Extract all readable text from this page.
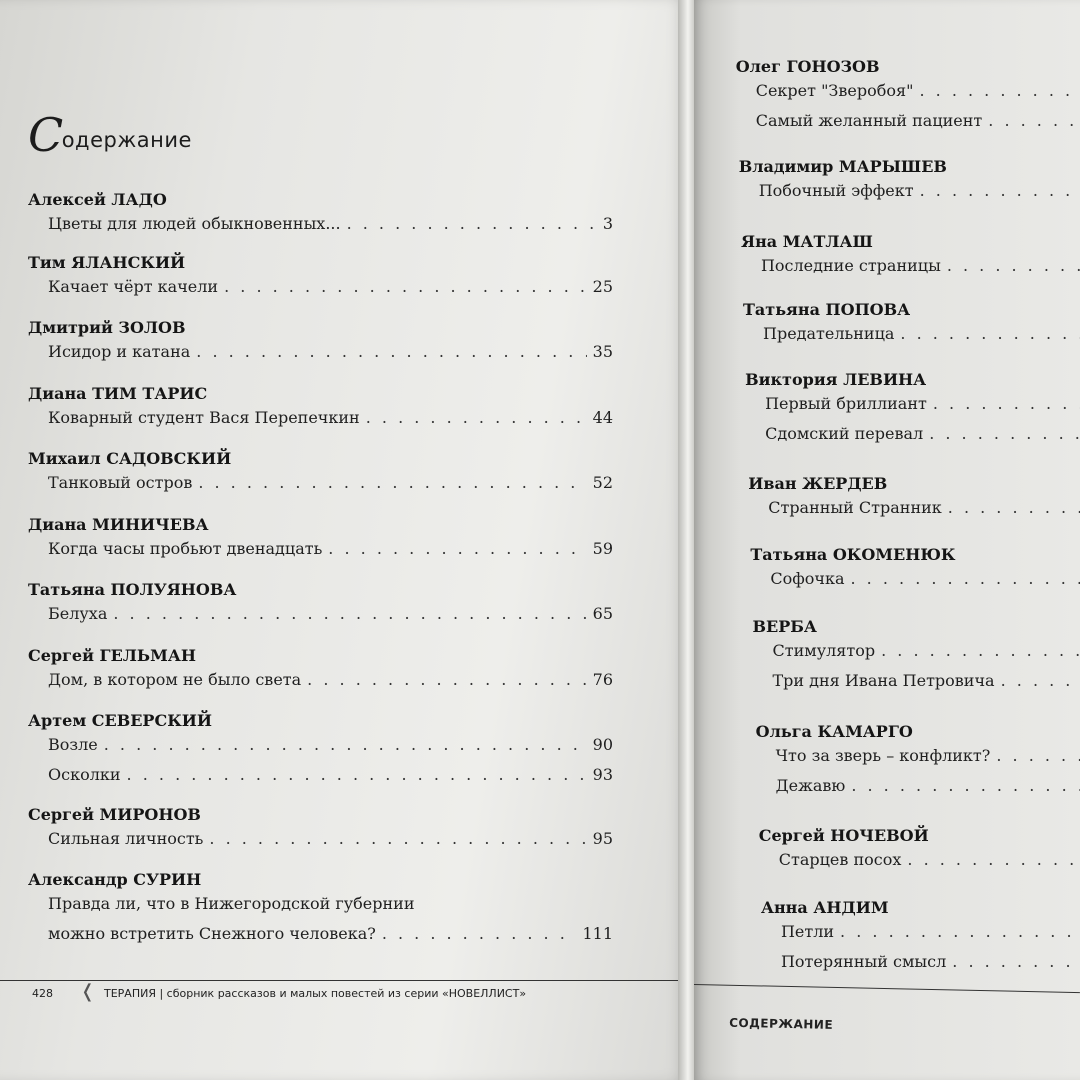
Содержание
Алексей ЛАДО
Цветы для людей обыкновенных... . . .	3
Тим ЯЛАНСКИЙ
Качает чёрт качели . . .	25
Дмитрий ЗОЛОВ
Исидор и катана . . .	35
Диана ТИМ ТАРИС
Коварный студент Вася Перепечкин . . .	44
Михаил САДОВСКИЙ
Танковый остров . . .	52
Диана МИНИЧЕВА
Когда часы пробьют двенадцать . . .	59
Татьяна ПОЛУЯНОВА
Белуха . . .	65
Сергей ГЕЛЬМАН
Дом, в котором не было света . . .	76
Артем СЕВЕРСКИЙ
Возле . . .	90
Осколки . . .	93
Сергей МИРОНОВ
Сильная личность . . .	95
Александр СУРИН
Правда ли, что в Нижегородской губернии
можно встретить Снежного человека? . . .	111
428 ❬ ТЕРАПИЯ | сборник рассказов и малых повестей из серии «НОВЕЛЛИСТ»
Олег ГОНОЗОВ
Секрет "Зверобоя"
. . .
Самый желанный пациент
. . .
Владимир МАРЫШЕВ
Побочный эффект
. . .
Яна МАТЛАШ
Последние страницы
. . .
Татьяна ПОПОВА
Предательница
. . .
Виктория ЛЕВИНА
Первый бриллиант
. . .
Сдомский перевал
. . .
Иван ЖЕРДЕВ
Странный Странник
. . .
Татьяна ОКОМЕНЮК
Софочка
. . .
ВЕРБА
Стимулятор
. . .
Три дня Ивана Петровича
. . .
Ольга КАМАРГО
Что за зверь – конфликт?
. . .
Дежавю
. . .
Сергей НОЧЕВОЙ
Старцев посох
. . .
Анна АНДИМ
Петли
. . .
Потерянный смысл
. . .
СОДЕРЖАНИЕ
